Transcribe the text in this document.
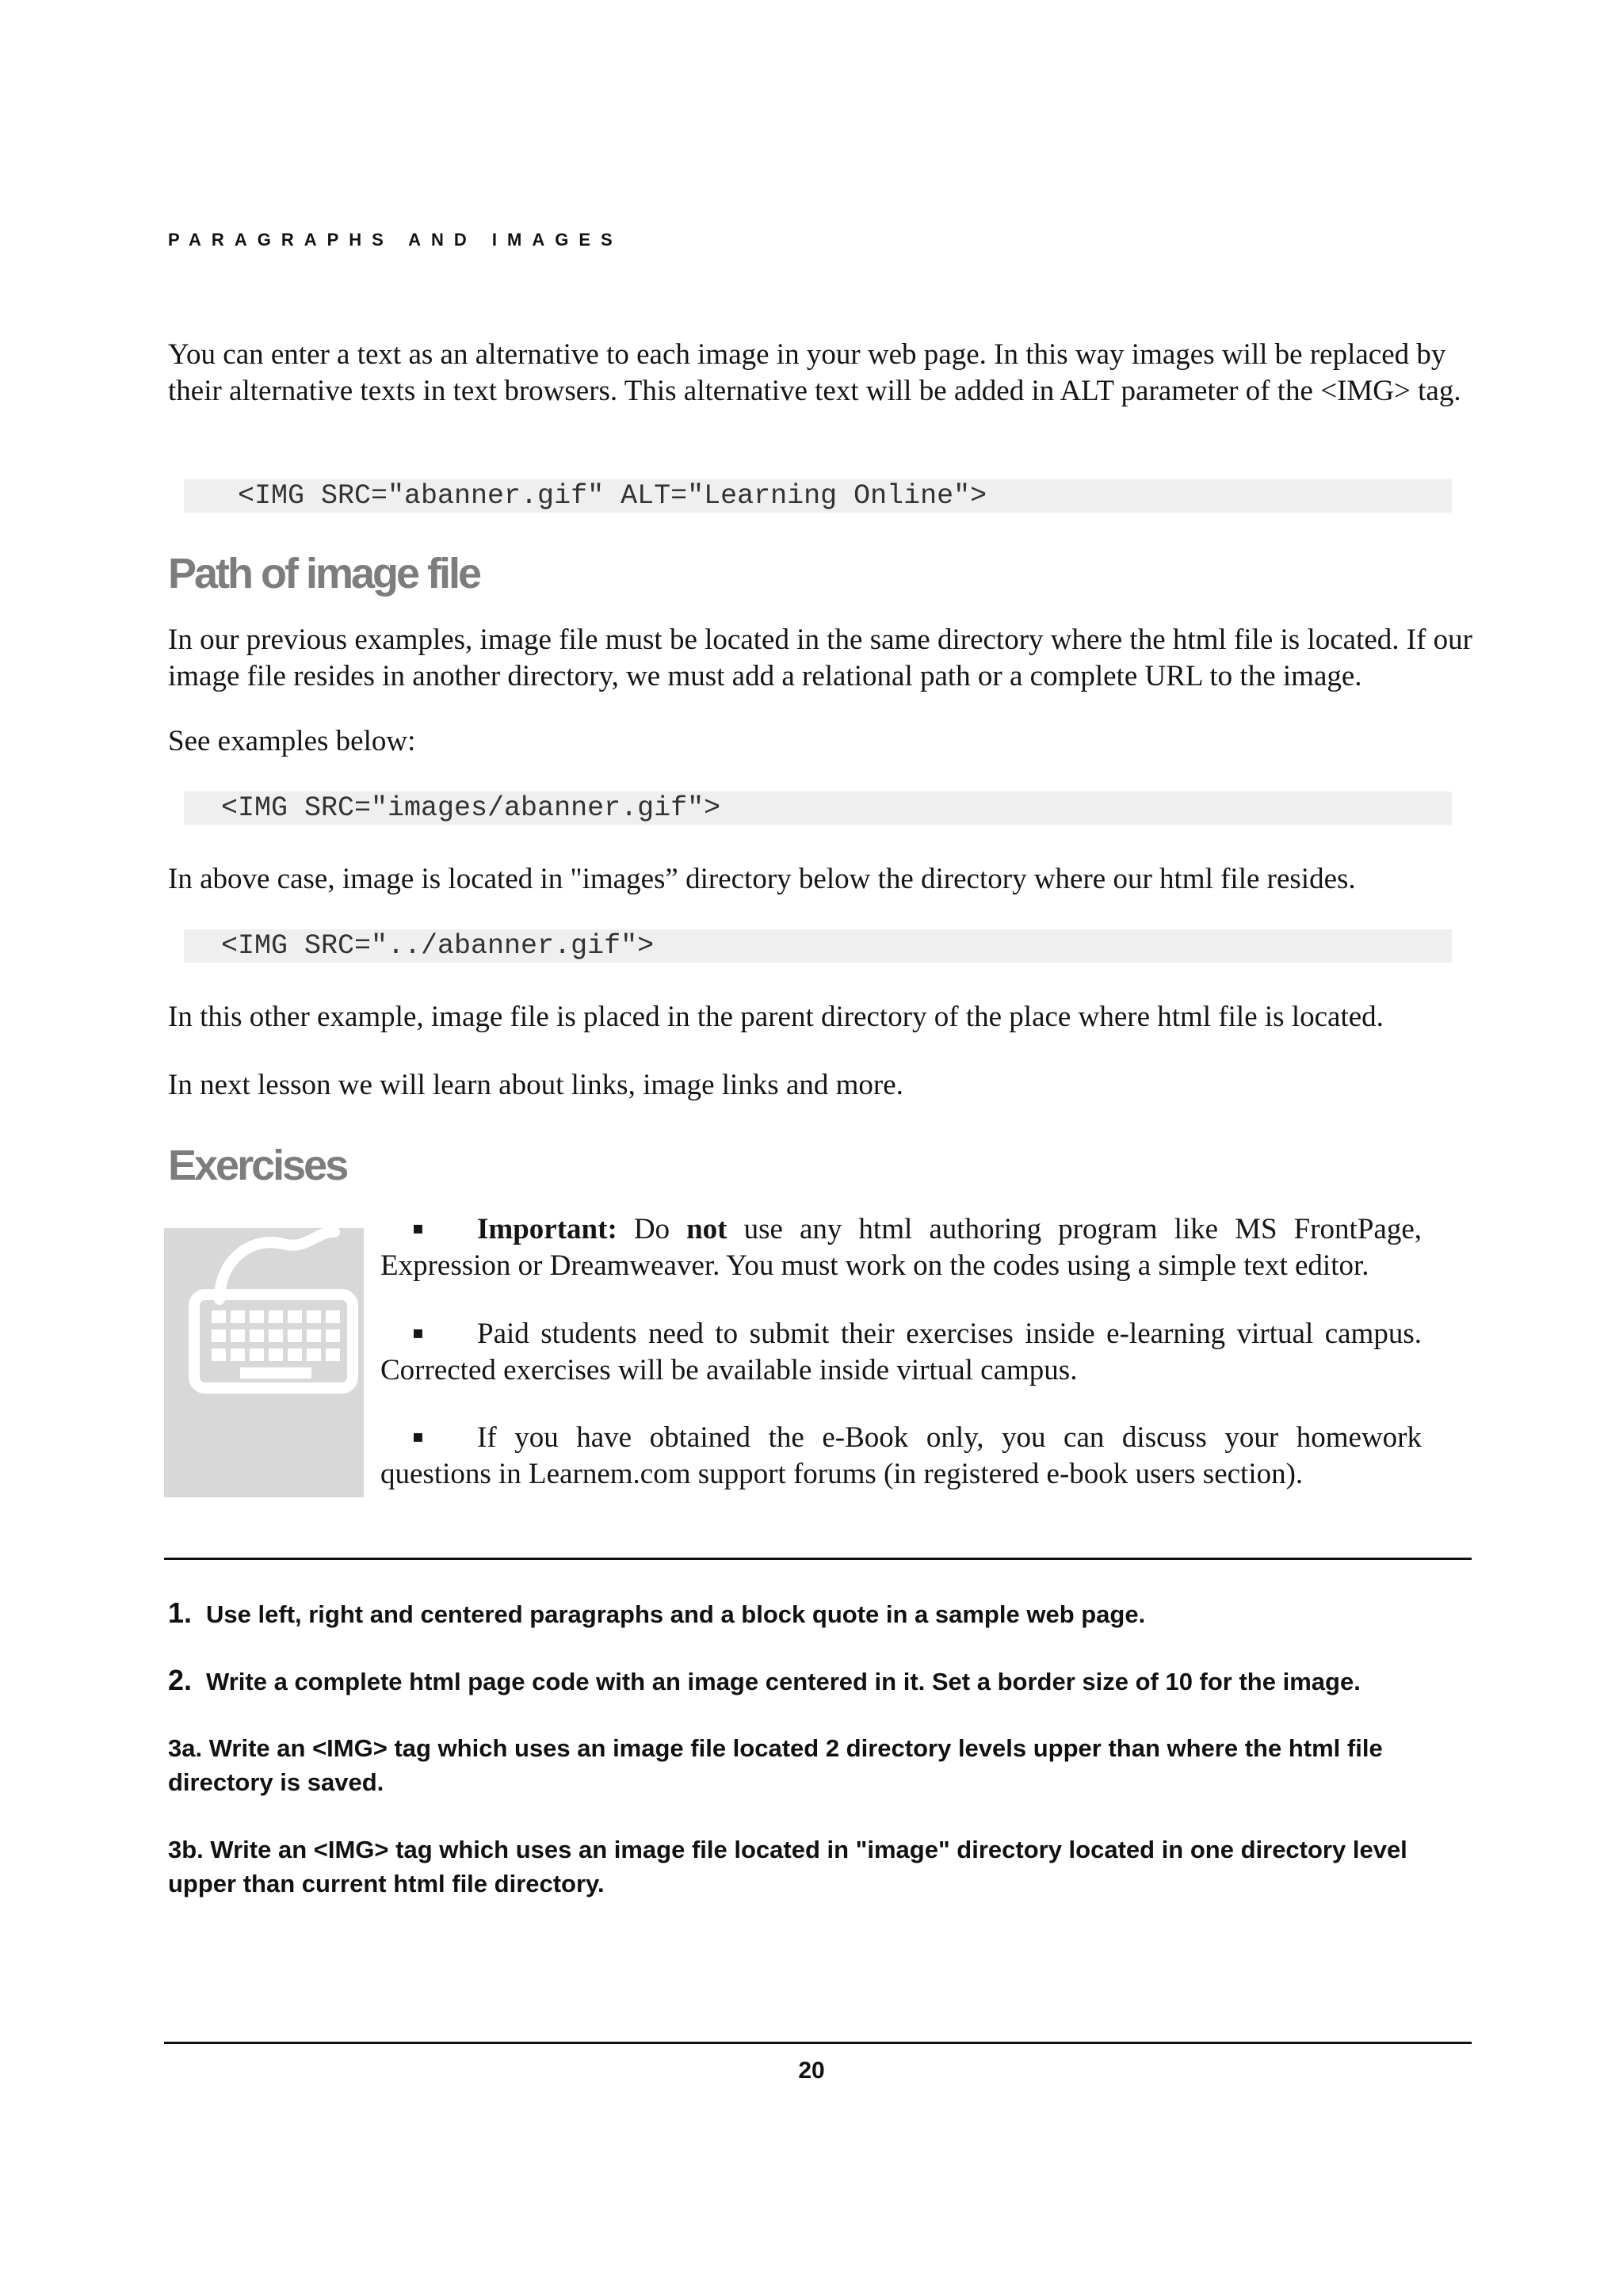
PARAGRAPHS AND IMAGES

You can enter a text as an alternative to each image in your web page. In this way images will be replaced by their alternative texts in text browsers. This alternative text will be added in ALT parameter of the <IMG> tag.

<IMG SRC="abanner.gif" ALT="Learning Online">

Path of image file

In our previous examples, image file must be located in the same directory where the html file is located. If our image file resides in another directory, we must add a relational path or a complete URL to the image.

See examples below:

<IMG SRC="images/abanner.gif">

In above case, image is located in "images” directory below the directory where our html file resides.

<IMG SRC="../abanner.gif">

In this other example, image file is placed in the parent directory of the place where html file is located.

In next lesson we will learn about links, image links and more.

Exercises

▪ Important: Do not use any html authoring program like MS FrontPage, Expression or Dreamweaver. You must work on the codes using a simple text editor.

▪ Paid students need to submit their exercises inside e-learning virtual campus. Corrected exercises will be available inside virtual campus.

▪ If you have obtained the e-Book only, you can discuss your homework questions in Learnem.com support forums (in registered e-book users section).

1. Use left, right and centered paragraphs and a block quote in a sample web page.
2. Write a complete html page code with an image centered in it. Set a border size of 10 for the image.
3a. Write an <IMG> tag which uses an image file located 2 directory levels upper than where the html file directory is saved.
3b. Write an <IMG> tag which uses an image file located in "image" directory located in one directory level upper than current html file directory.
20
